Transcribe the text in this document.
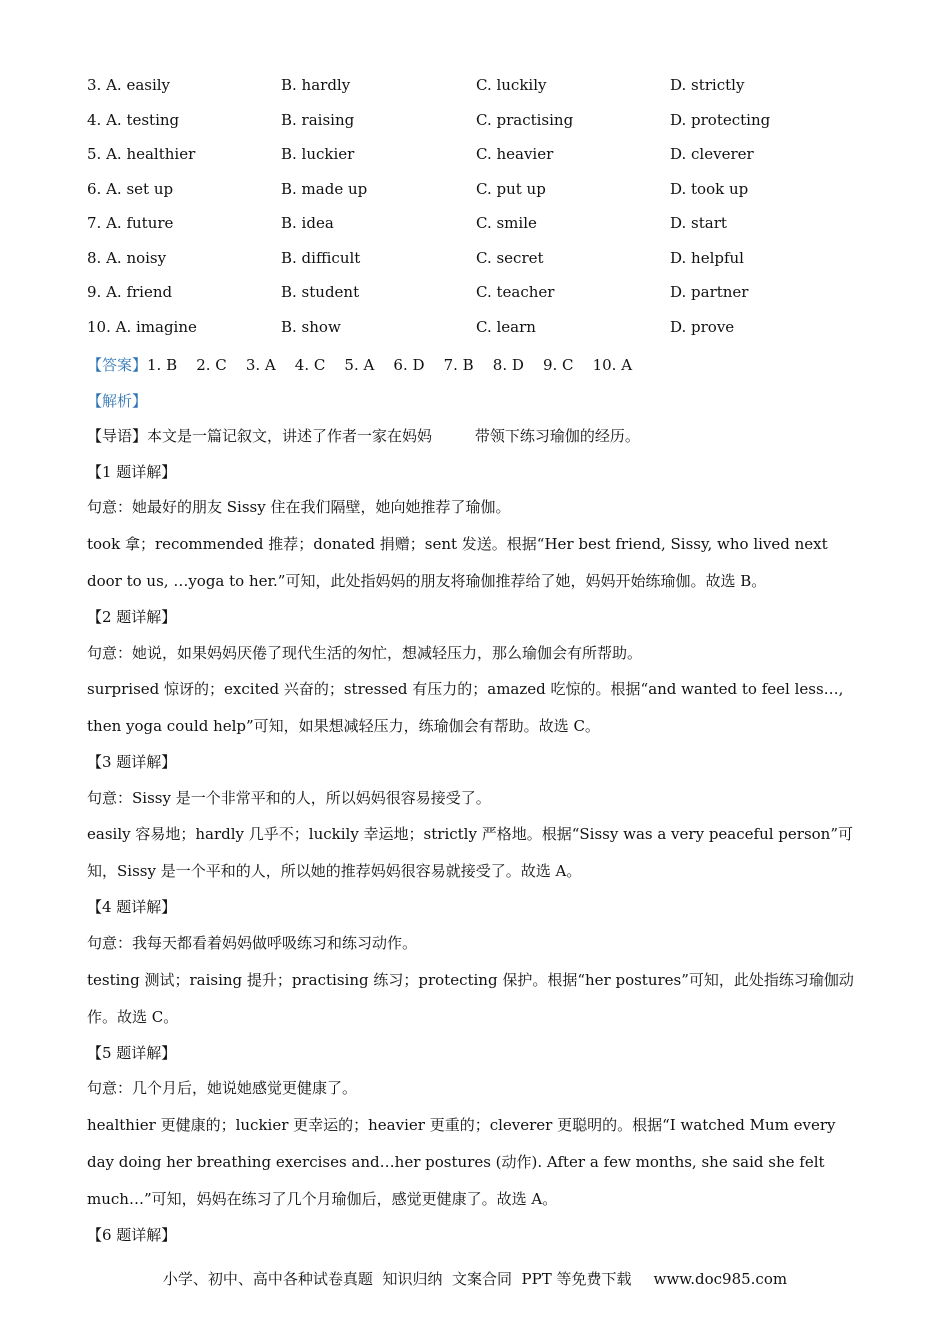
3. A. easily	B. hardly	C. luckily	D. strictly
4. A. testing	B. raising	C. practising	D. protecting
5. A. healthier	B. luckier	C. heavier	D. cleverer
6. A. set up	B. made up	C. put up	D. took up
7. A. future	B. idea	C. smile	D. start
8. A. noisy	B. difficult	C. secret	D. helpful
9. A. friend	B. student	C. teacher	D. partner
10. A. imagine	B. show	C. learn	D. prove
【答案】1. B    2. C    3. A    4. C    5. A    6. D    7. B    8. D    9. C    10. A
【解析】
【导语】本文是一篇记叙文，讲述了作者一家在妈妈         带领下练习瑜伽的经历。
【1 题详解】
句意：她最好的朋友 Sissy 住在我们隔壁，她向她推荐了瑜伽。

took 拿；recommended 推荐；donated 捐赠；sent 发送。根据“Her best friend, Sissy, who lived next door to us, …yoga to her.”可知，此处指妈妈的朋友将瑜伽推荐给了她，妈妈开始练瑜伽。故选 B。

【2 题详解】
句意：她说，如果妈妈厌倦了现代生活的匆忙，想减轻压力，那么瑜伽会有所帮助。

surprised 惊讶的；excited 兴奋的；stressed 有压力的；amazed 吃惊的。根据“and wanted to feel less…, then yoga could help”可知，如果想减轻压力，练瑜伽会有帮助。故选 C。

【3 题详解】
句意：Sissy 是一个非常平和的人，所以妈妈很容易接受了。

easily 容易地；hardly 几乎不；luckily 幸运地；strictly 严格地。根据“Sissy was a very peaceful person”可知，Sissy 是一个平和的人，所以她的推荐妈妈很容易就接受了。故选 A。

【4 题详解】
句意：我每天都看着妈妈做呼吸练习和练习动作。

testing 测试；raising 提升；practising 练习；protecting 保护。根据“her postures”可知，此处指练习瑜伽动作。故选 C。

【5 题详解】
句意：几个月后，她说她感觉更健康了。

healthier 更健康的；luckier 更幸运的；heavier 更重的；cleverer 更聪明的。根据“I watched Mum every day doing her breathing exercises and…her postures (动作). After a few months, she said she felt much…”可知，妈妈在练习了几个月瑜伽后，感觉更健康了。故选 A。

【6 题详解】
小学、初中、高中各种试卷真题  知识归纳  文案合同  PPT 等免费下载 www.doc985.com
